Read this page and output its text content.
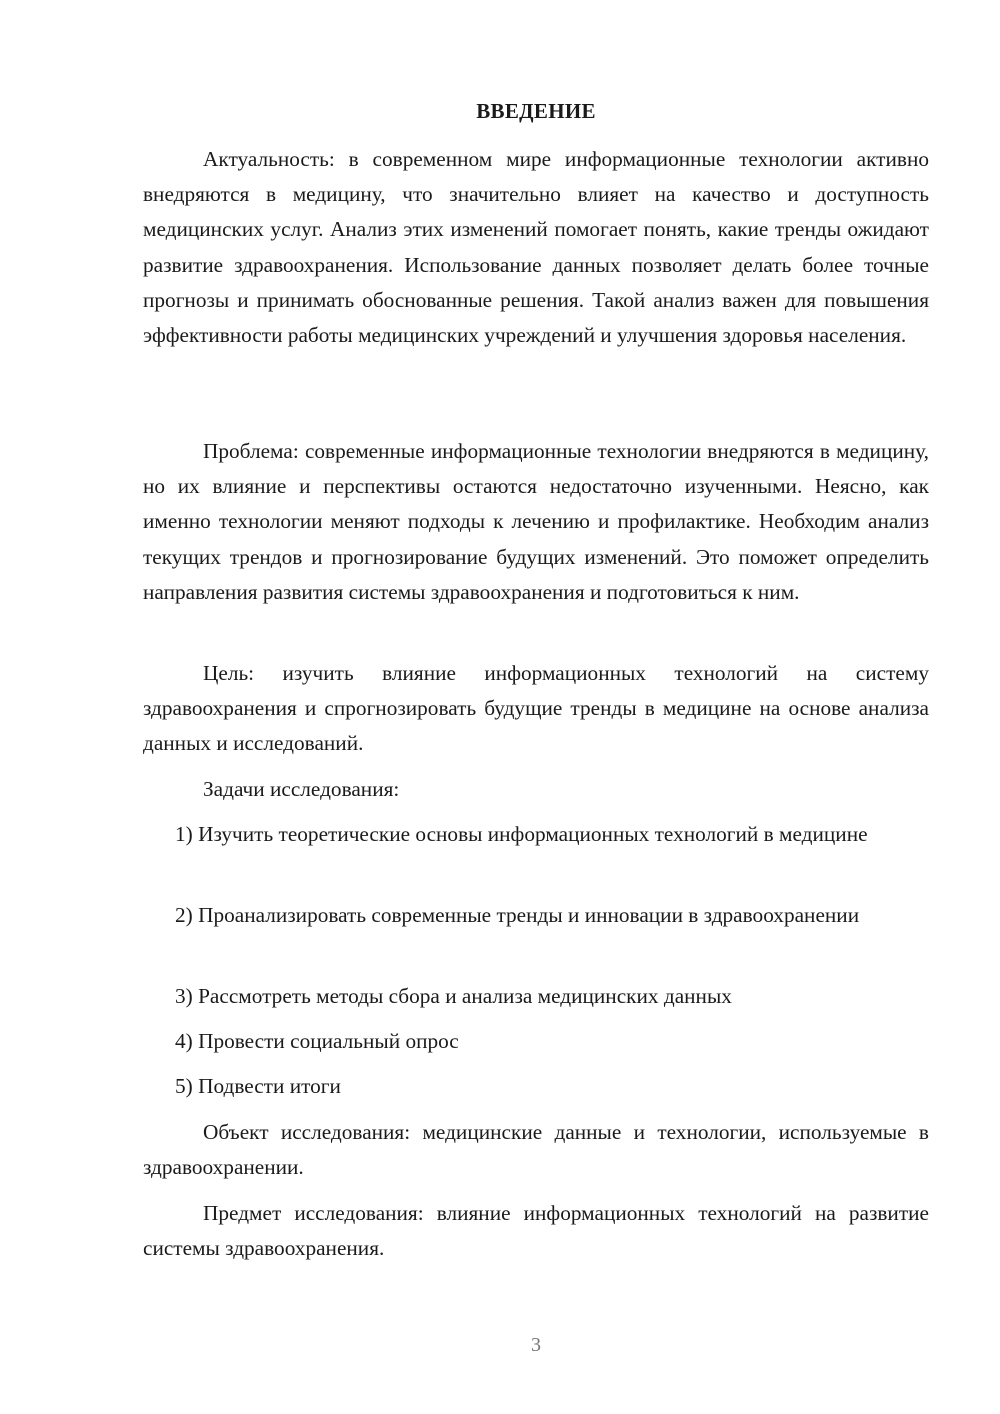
ВВЕДЕНИЕ

Актуальность: в современном мире информационные технологии активно внедряются в медицину, что значительно влияет на качество и доступность медицинских услуг. Анализ этих изменений помогает понять, какие тренды ожидают развитие здравоохранения. Использование данных позволяет делать более точные прогнозы и принимать обоснованные решения. Такой анализ важен для повышения эффективности работы медицинских учреждений и улучшения здоровья населения.

Проблема: современные информационные технологии внедряются в медицину, но их влияние и перспективы остаются недостаточно изученными. Неясно, как именно технологии меняют подходы к лечению и профилактике. Необходим анализ текущих трендов и прогнозирование будущих изменений. Это поможет определить направления развития системы здравоохранения и подготовиться к ним.

Цель: изучить влияние информационных технологий на систему здравоохранения и спрогнозировать будущие тренды в медицине на основе анализа данных и исследований.

Задачи исследования:

1) Изучить теоретические основы информационных технологий в медицине

2) Проанализировать современные тренды и инновации в здравоохранении

3) Рассмотреть методы сбора и анализа медицинских данных

4) Провести социальный опрос

5) Подвести итоги

Объект исследования: медицинские данные и технологии, используемые в здравоохранении.

Предмет исследования: влияние информационных технологий на развитие системы здравоохранения.

3
